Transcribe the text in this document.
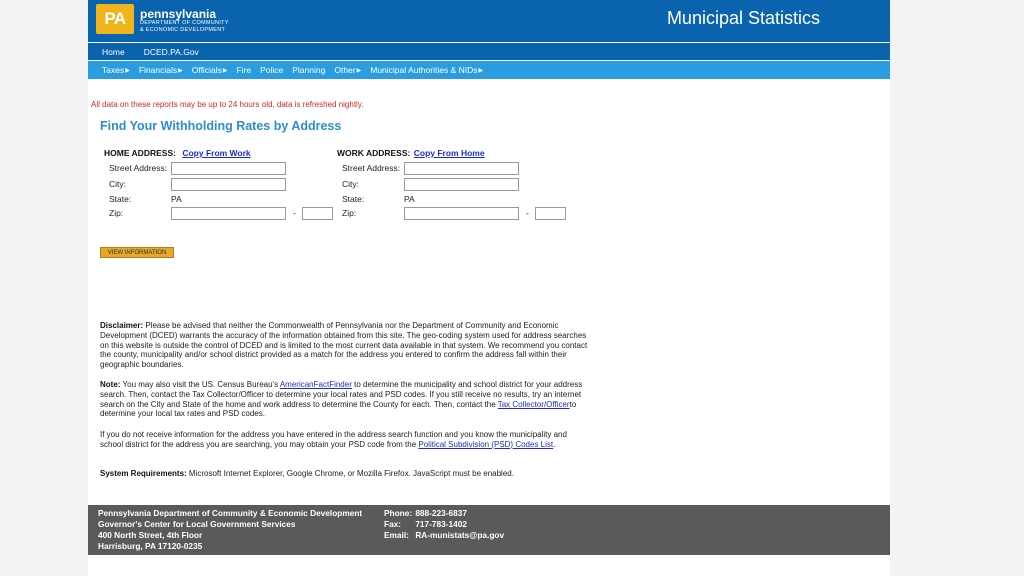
PA	pennsylvania
DEPARTMENT OF COMMUNITY
& ECONOMIC DEVELOPMENT
Municipal Statistics
Home DCED.PA.Gov
Taxes ▶ Financials ▶ Officials ▶ Fire Police Planning Other ▶ Municipal Authorities & NIDs ▶
All data on these reports may be up to 24 hours old, data is refreshed nightly.
Find Your Withholding Rates by Address
HOME ADDRESS: Copy From Work
Street Address:
City:
State:	PA
Zip:	-
WORK ADDRESS: Copy From Home
Street Address:
City:
State:	PA
Zip:	-
VIEW INFORMATION
Disclaimer: Please be advised that neither the Commonwealth of Pennsylvania nor the Department of Community and Economic Development (DCED) warrants the accuracy of the information obtained from this site. The geo-coding system used for address searches on this website is outside the control of DCED and is limited to the most current data available in that system. We recommend you contact the county, municipality and/or school district provided as a match for the address you entered to confirm the address fall within their geographic boundaries.
Note: You may also visit the US. Census Bureau's AmericanFactFinder to determine the municipality and school district for your address search. Then, contact the Tax Collector/Officer to determine your local rates and PSD codes. If you still receive no results, try an internet search on the City and State of the home and work address to determine the County for each. Then, contact the Tax Collector/Officerto determine your local tax rates and PSD codes.
If you do not receive information for the address you have entered in the address search function and you know the municipality and school district for the address you are searching, you may obtain your PSD code from the Political Subdivision (PSD) Codes List.
System Requirements: Microsoft Internet Explorer, Google Chrome, or Mozilla Firefox. JavaScript must be enabled.
Pennsylvania Department of Community & Economic Development
Governor's Center for Local Government Services
400 North Street, 4th Floor
Harrisburg, PA 17120-0235
Phone: 888-223-6837
Fax: 717-783-1402
Email: RA-munistats@pa.gov
